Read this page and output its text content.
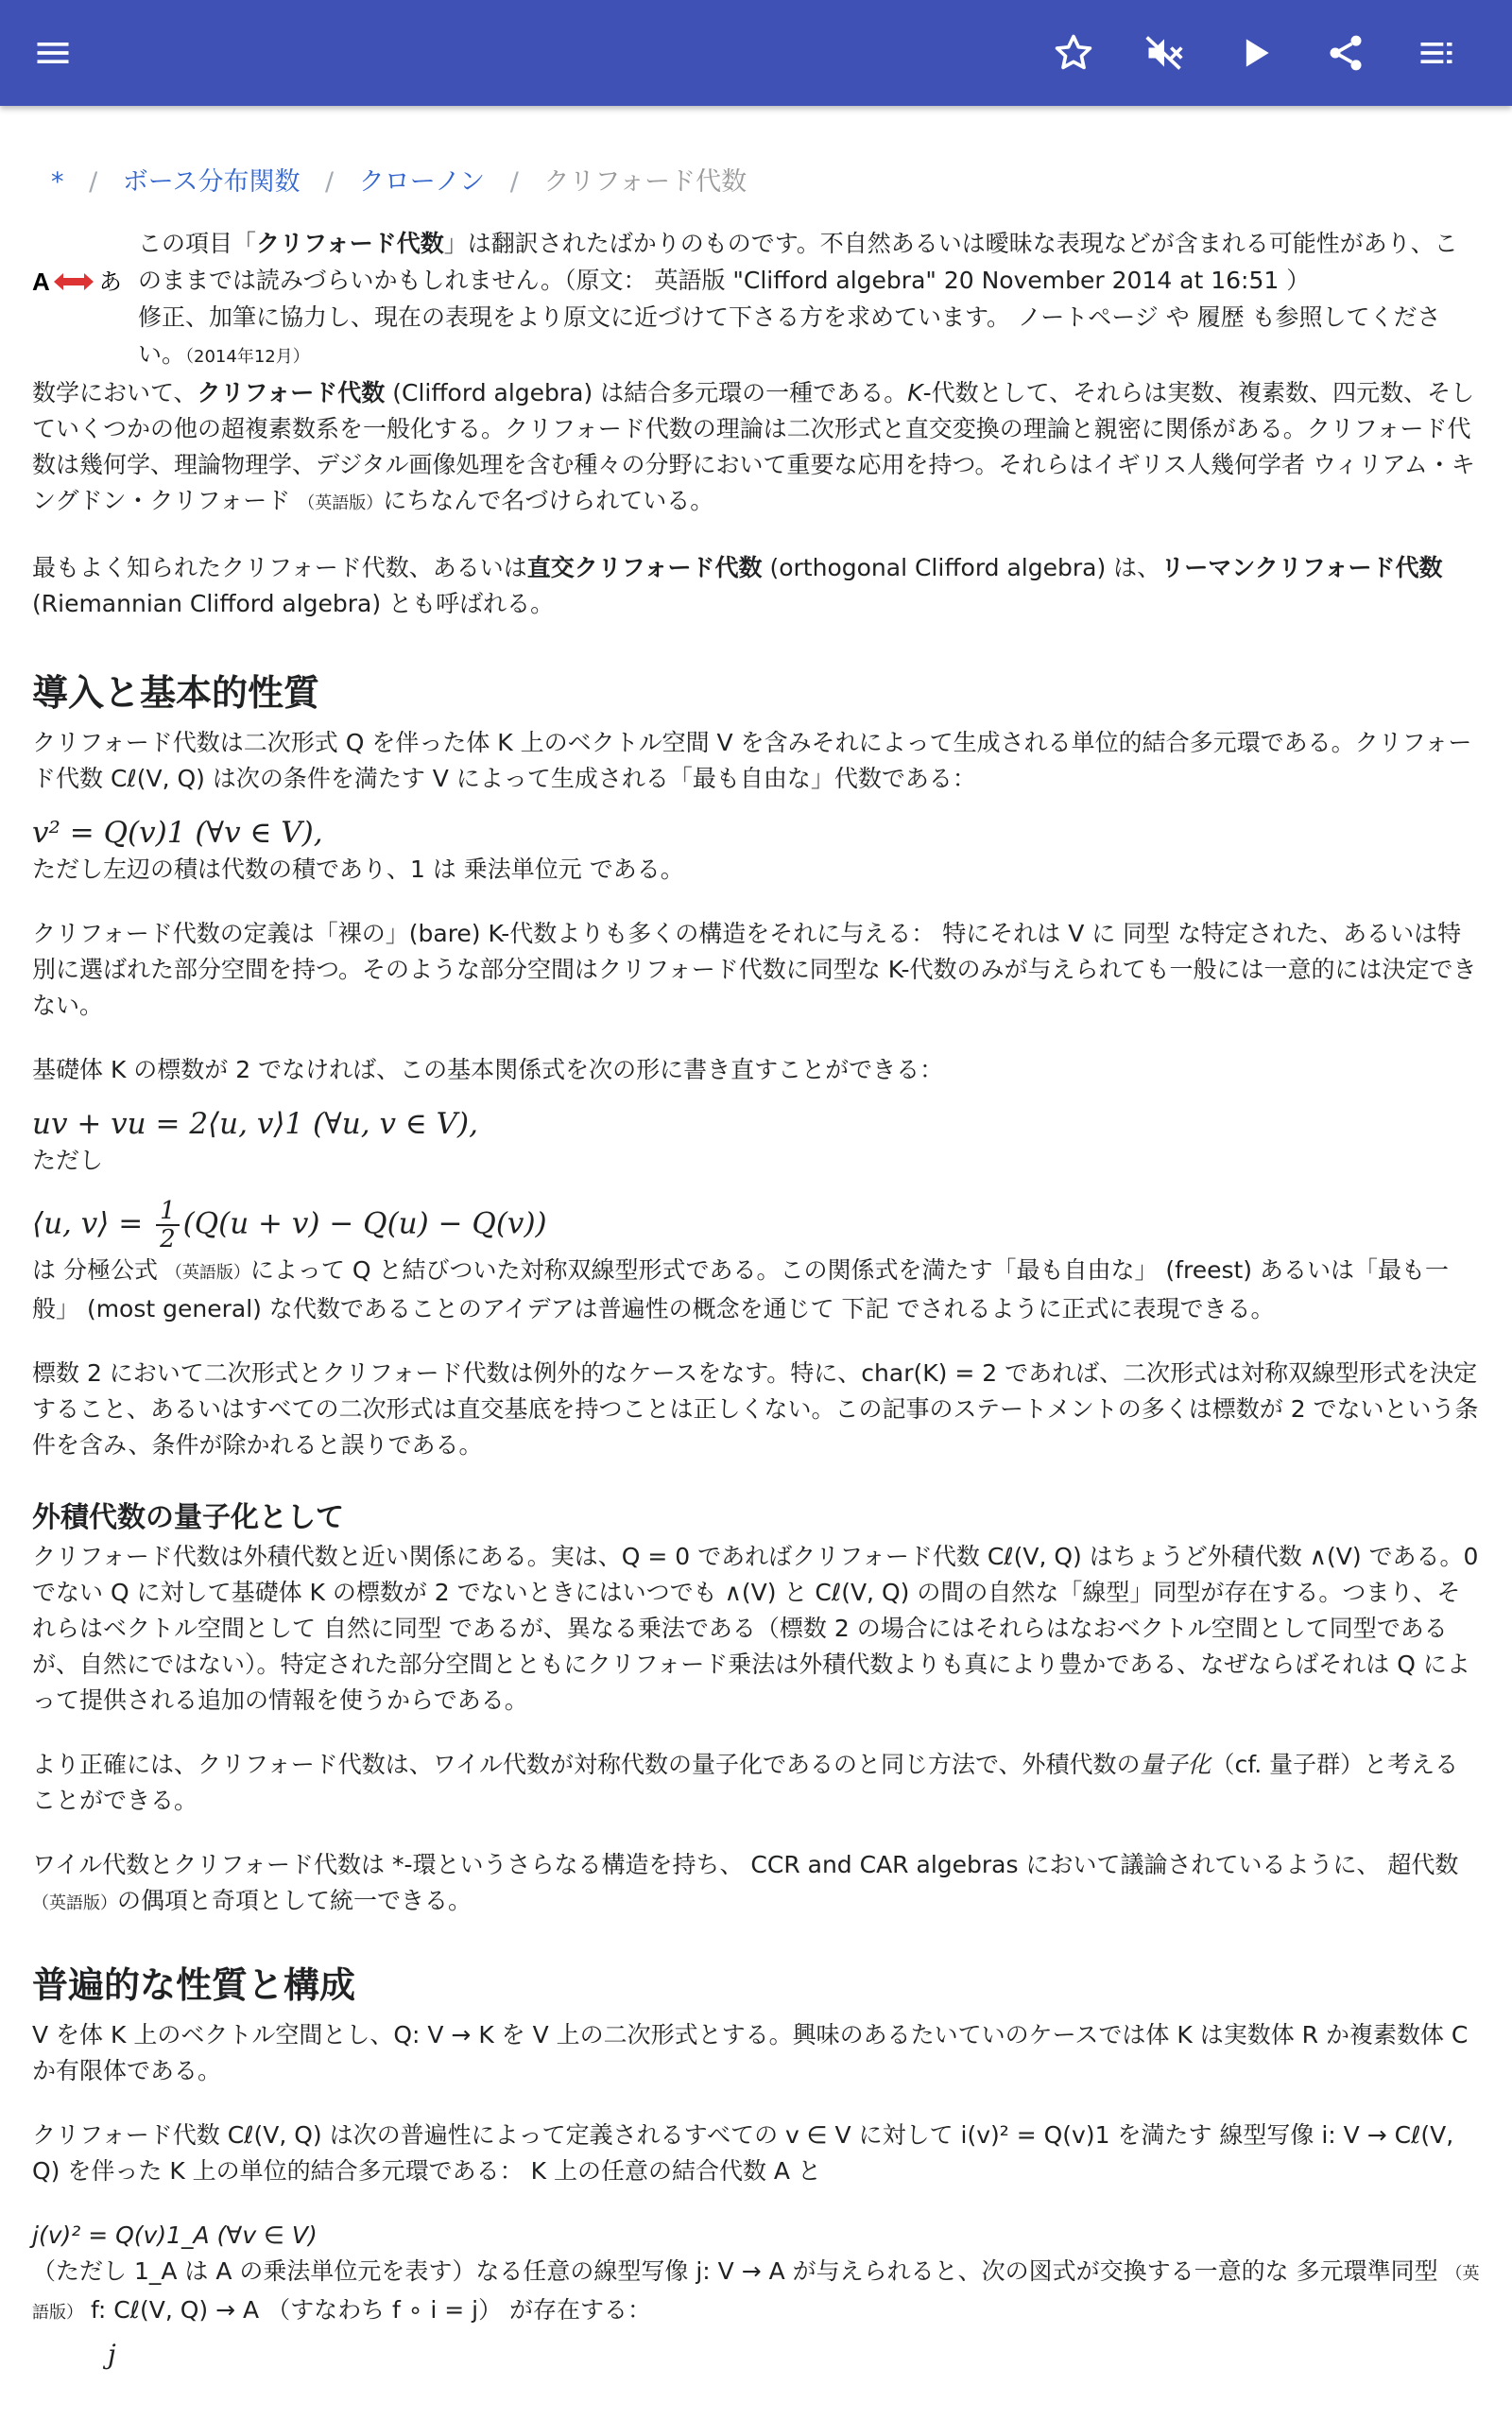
* / ボース分布関数 / クローノン / クリフォード代数
A あ
この項目「クリフォード代数」は翻訳されたばかりのものです。不自然あるいは曖昧な表現などが含まれる可能性があり、このままでは読みづらいかもしれません。（原文： 英語版 "Clifford algebra" 20 November 2014 at 16:51 ）
修正、加筆に協力し、現在の表現をより原文に近づけて下さる方を求めています。 ノートページ や 履歴 も参照してください。（2014年12月）

数学において、クリフォード代数 (Clifford algebra) は結合多元環の一種である。K-代数として、それらは実数、複素数、四元数、そしていくつかの他の超複素数系を一般化する。クリフォード代数の理論は二次形式と直交変換の理論と親密に関係がある。クリフォード代数は幾何学、理論物理学、デジタル画像処理を含む種々の分野において重要な応用を持つ。それらはイギリス人幾何学者 ウィリアム・キングドン・クリフォード （英語版）にちなんで名づけられている。

最もよく知られたクリフォード代数、あるいは直交クリフォード代数 (orthogonal Clifford algebra) は、リーマンクリフォード代数 (Riemannian Clifford algebra) とも呼ばれる。

導入と基本的性質

クリフォード代数は二次形式 Q を伴った体 K 上のベクトル空間 V を含みそれによって生成される単位的結合多元環である。クリフォード代数 Cℓ(V, Q) は次の条件を満たす V によって生成される「最も自由な」代数である：

v² = Q(v)1 (∀v ∈ V),
ただし左辺の積は代数の積であり、1 は 乗法単位元 である。

クリフォード代数の定義は「裸の」(bare) K-代数よりも多くの構造をそれに与える： 特にそれは V に 同型 な特定された、あるいは特別に選ばれた部分空間を持つ。そのような部分空間はクリフォード代数に同型な K-代数のみが与えられても一般には一意的には決定できない。

基礎体 K の標数が 2 でなければ、この基本関係式を次の形に書き直すことができる：

uv + vu = 2⟨u, v⟩1 (∀u, v ∈ V),
ただし
⟨u, v⟩ = $\frac{1}{2} (Q(u + v) - Q(u) - Q(v))$

は 分極公式 （英語版）によって Q と結びついた対称双線型形式である。この関係式を満たす「最も自由な」 (freest) あるいは「最も一般」 (most general) な代数であることのアイデアは普遍性の概念を通じて 下記 でされるように正式に表現できる。

標数 2 において二次形式とクリフォード代数は例外的なケースをなす。特に、char(K) = 2 であれば、二次形式は対称双線型形式を決定すること、あるいはすべての二次形式は直交基底を持つことは正しくない。この記事のステートメントの多くは標数が 2 でないという条件を含み、条件が除かれると誤りである。

外積代数の量子化として

クリフォード代数は外積代数と近い関係にある。実は、Q = 0 であればクリフォード代数 Cℓ(V, Q) はちょうど外積代数 ∧(V) である。0 でない Q に対して基礎体 K の標数が 2 でないときにはいつでも ∧(V) と Cℓ(V, Q) の間の自然な「線型」同型が存在する。つまり、それらはベクトル空間として 自然に同型 であるが、異なる乗法である（標数 2 の場合にはそれらはなおベクトル空間として同型であるが、自然にではない）。特定された部分空間とともにクリフォード乗法は外積代数よりも真により豊かである、なぜならばそれは Q によって提供される追加の情報を使うからである。

より正確には、クリフォード代数は、ワイル代数が対称代数の量子化であるのと同じ方法で、外積代数の量子化（cf. 量子群）と考えることができる。

ワイル代数とクリフォード代数は *-環というさらなる構造を持ち、 CCR and CAR algebras において議論されているように、 超代数 （英語版）の偶項と奇項として統一できる。

普遍的な性質と構成

V を体 K 上のベクトル空間とし、Q: V → K を V 上の二次形式とする。興味のあるたいていのケースでは体 K は実数体 R か複素数体 C か有限体である。

クリフォード代数 Cℓ(V, Q) は次の普遍性によって定義されるすべての v ∈ V に対して i(v)² = Q(v)1 を満たす 線型写像 i: V → Cℓ(V, Q) を伴った K 上の単位的結合多元環である： K 上の任意の結合代数 A と

j(v)² = Q(v)1_A (∀v ∈ V)

（ただし 1_A は A の乗法単位元を表す）なる任意の線型写像 j: V → A が与えられると、次の図式が交換する一意的な 多元環準同型 （英語版） f: Cℓ(V, Q) → A （すなわち f ∘ i = j） が存在する：

j
